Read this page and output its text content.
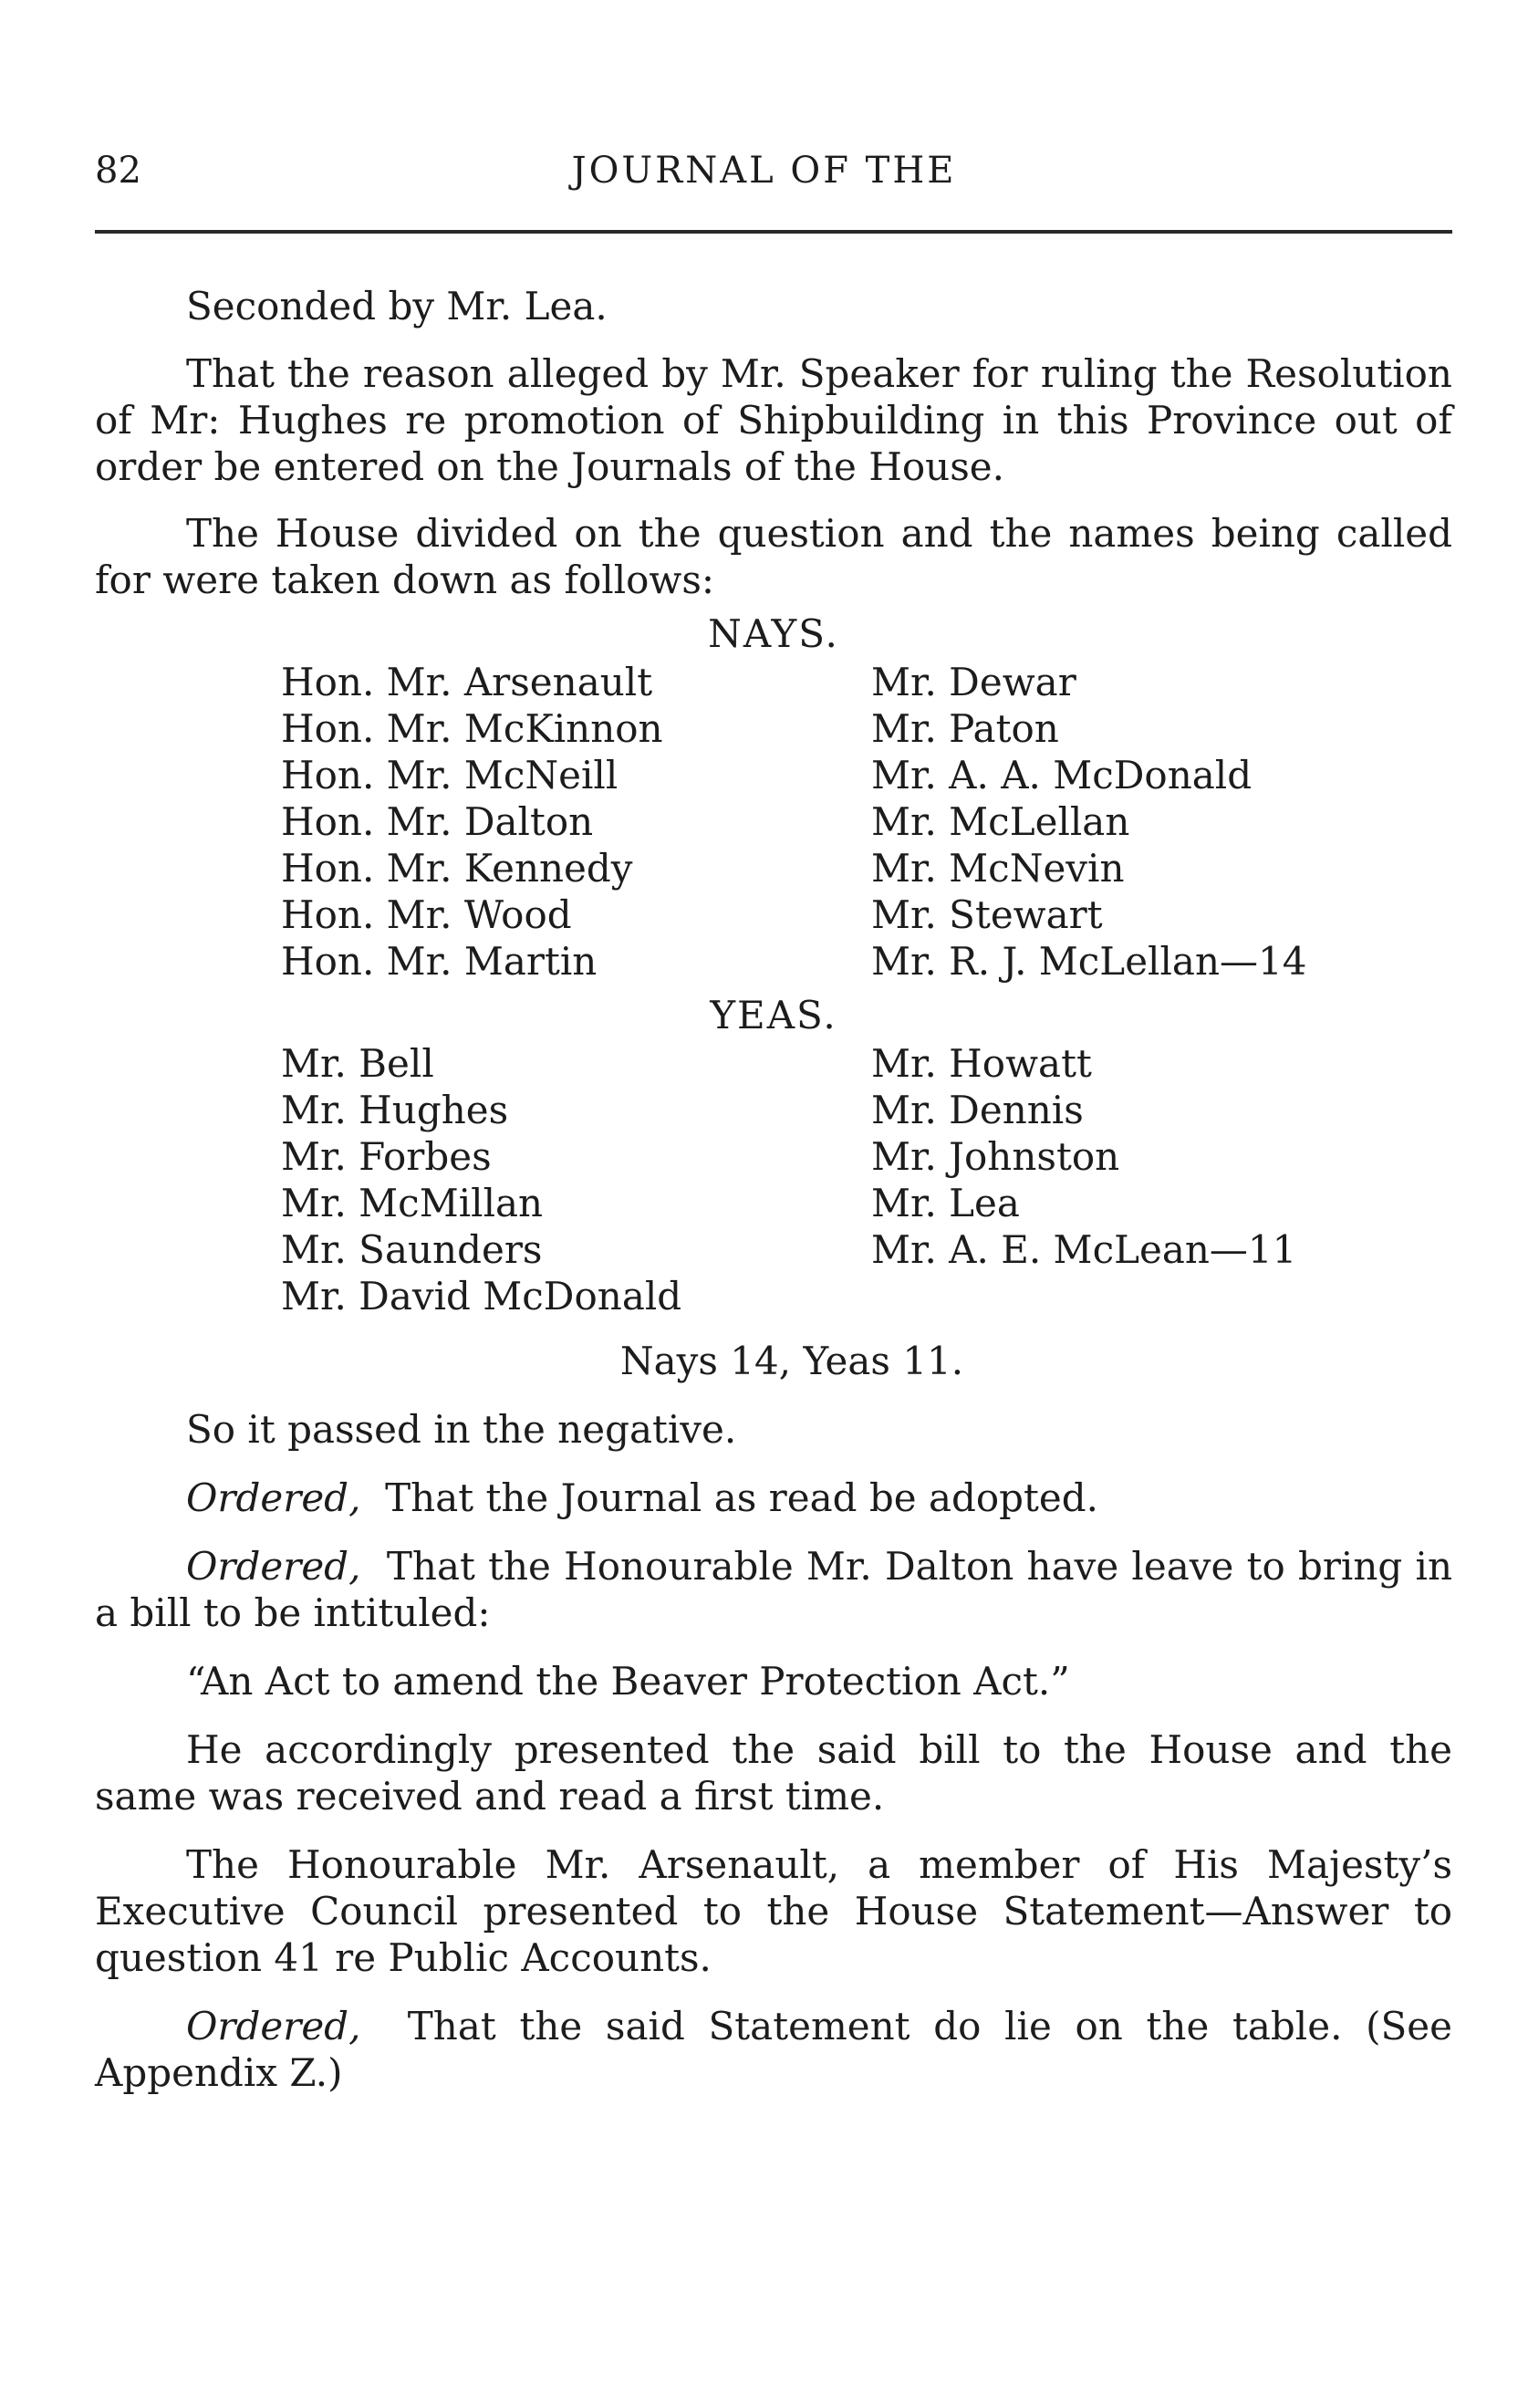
82	JOURNAL OF THE

Seconded by Mr. Lea.

That the reason alleged by Mr. Speaker for ruling the Resolution of Mr: Hughes re promotion of Shipbuilding in this Province out of order be entered on the Journals of the House.

The House divided on the question and the names being called for were taken down as follows:

NAYS.
Hon. Mr. Arsenault
Hon. Mr. McKinnon
Hon. Mr. McNeill
Hon. Mr. Dalton
Hon. Mr. Kennedy
Hon. Mr. Wood
Hon. Mr. Martin
Mr. Dewar
Mr. Paton
Mr. A. A. McDonald
Mr. McLellan
Mr. McNevin
Mr. Stewart
Mr. R. J. McLellan—14
YEAS.
Mr. Bell
Mr. Hughes
Mr. Forbes
Mr. McMillan
Mr. Saunders
Mr. David McDonald
Mr. Howatt
Mr. Dennis
Mr. Johnston
Mr. Lea
Mr. A. E. McLean—11
Nays 14, Yeas 11.

So it passed in the negative.

Ordered, That the Journal as read be adopted.

Ordered, That the Honourable Mr. Dalton have leave to bring in a bill to be intituled:

“An Act to amend the Beaver Protection Act.”

He accordingly presented the said bill to the House and the same was received and read a first time.

The Honourable Mr. Arsenault, a member of His Majesty’s Executive Council presented to the House Statement—Answer to question 41 re Public Accounts.

Ordered, That the said Statement do lie on the table. (See Appendix Z.)
